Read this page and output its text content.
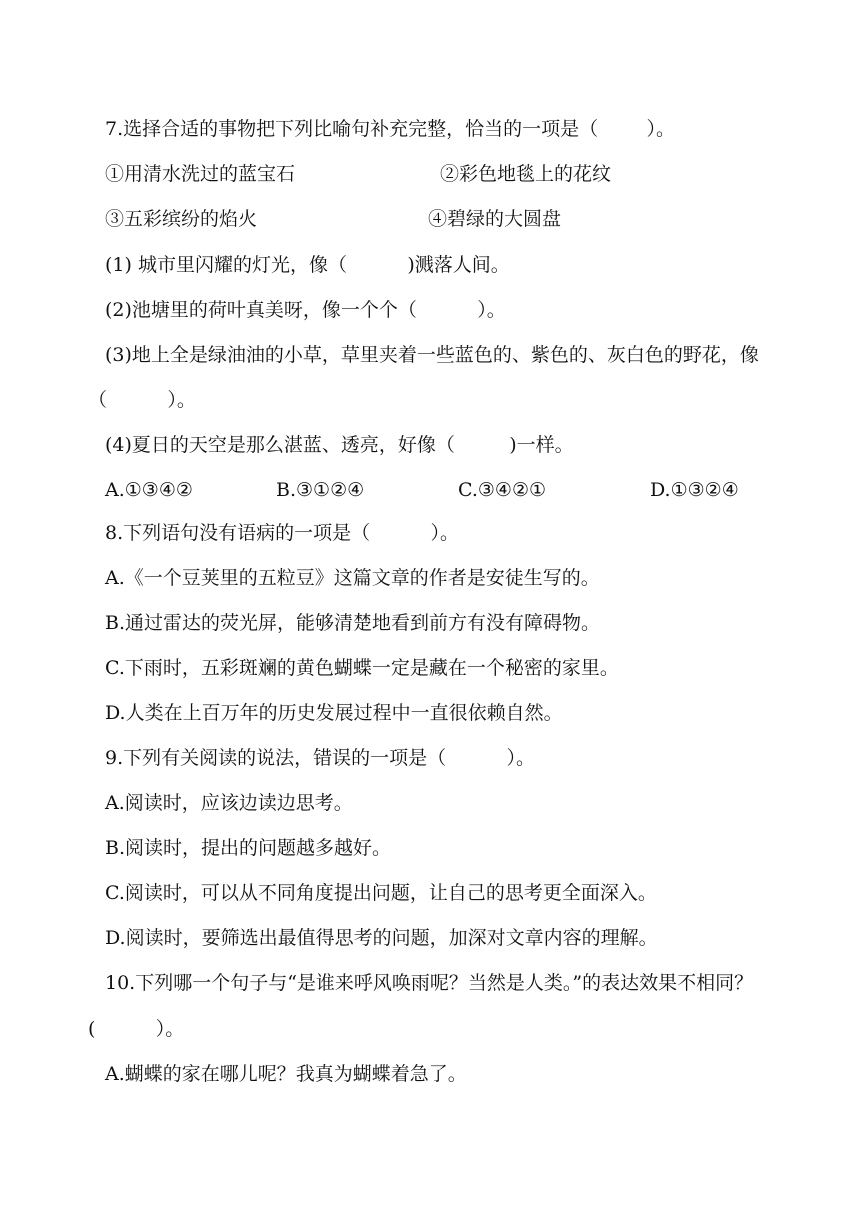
7.选择合适的事物把下列比喻句补充完整，恰当的一项是（        ）。
①用清水洗过的蓝宝石	②彩色地毯上的花纹
③五彩缤纷的焰火	④碧绿的大圆盘
(1) 城市里闪耀的灯光，像（          )溅落人间。
(2)池塘里的荷叶真美呀，像一个个（          ）。
(3)地上全是绿油油的小草，草里夹着一些蓝色的、紫色的、灰白色的野花，像
（          ）。
(4)夏日的天空是那么湛蓝、透亮，好像（         )一样。
A.①③④②	B.③①②④	C.③④②①	D.①③②④
8.下列语句没有语病的一项是（          ）。
A.《一个豆荚里的五粒豆》这篇文章的作者是安徒生写的。
B.通过雷达的荧光屏，能够清楚地看到前方有没有障碍物。
C.下雨时，五彩斑斓的黄色蝴蝶一定是藏在一个秘密的家里。
D.人类在上百万年的历史发展过程中一直很依赖自然。
9.下列有关阅读的说法，错误的一项是（          ）。
A.阅读时，应该边读边思考。
B.阅读时，提出的问题越多越好。
C.阅读时，可以从不同角度提出问题，让自己的思考更全面深入。
D.阅读时，要筛选出最值得思考的问题，加深对文章内容的理解。
10.下列哪一个句子与“是谁来呼风唤雨呢？当然是人类。”的表达效果不相同？
(          ）。
A.蝴蝶的家在哪儿呢？我真为蝴蝶着急了。
